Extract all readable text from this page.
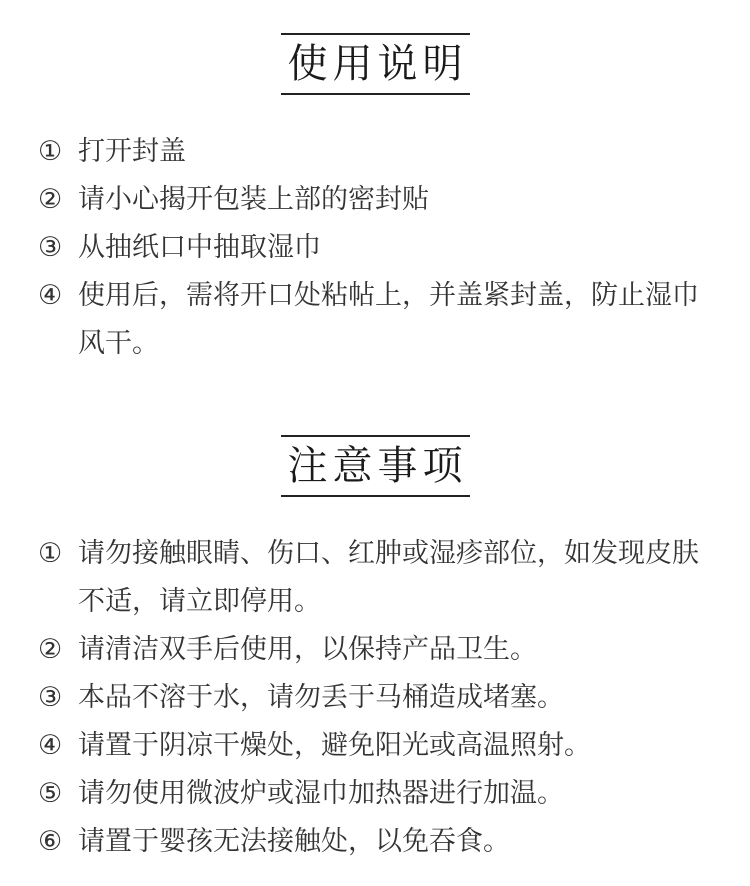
使用说明
① 打开封盖
② 请小心揭开包装上部的密封贴
③ 从抽纸口中抽取湿巾
④ 使用后，需将开口处粘帖上，并盖紧封盖，防止湿巾风干。
注意事项
① 请勿接触眼睛、伤口、红肿或湿疹部位，如发现皮肤不适，请立即停用。
② 请清洁双手后使用，以保持产品卫生。
③ 本品不溶于水，请勿丢于马桶造成堵塞。
④ 请置于阴凉干燥处，避免阳光或高温照射。
⑤ 请勿使用微波炉或湿巾加热器进行加温。
⑥ 请置于婴孩无法接触处，以免吞食。
